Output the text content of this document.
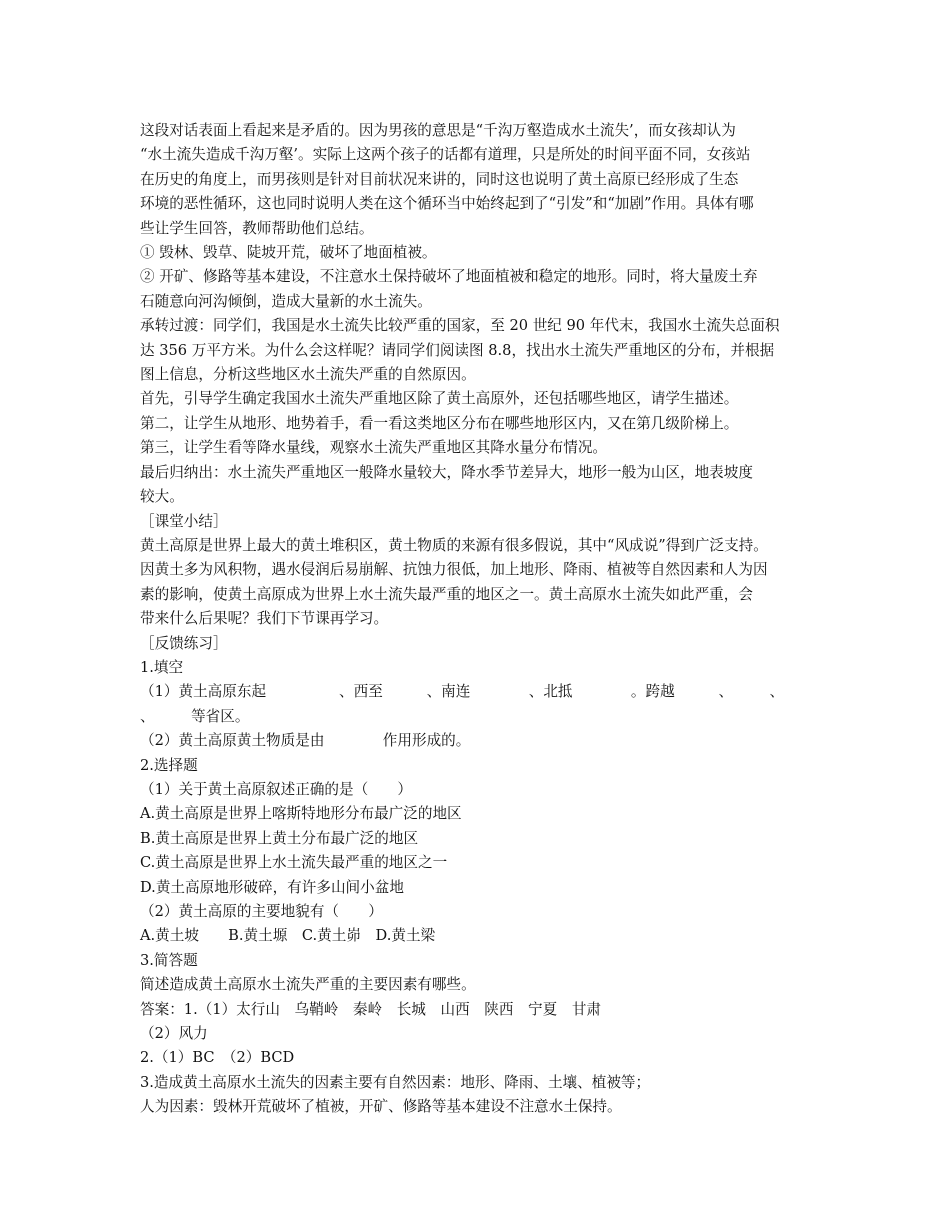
这段对话表面上看起来是矛盾的。因为男孩的意思是“千沟万壑造成水土流失’，而女孩却认为

“水土流失造成千沟万壑’。实际上这两个孩子的话都有道理，只是所处的时间平面不同，女孩站

在历史的角度上，而男孩则是针对目前状况来讲的，同时这也说明了黄土高原已经形成了生态

环境的恶性循环，这也同时说明人类在这个循环当中始终起到了“引发”和“加剧”作用。具体有哪

些让学生回答，教师帮助他们总结。

① 毁林、毁草、陡坡开荒，破坏了地面植被。

② 开矿、修路等基本建设，不注意水土保持破坏了地面植被和稳定的地形。同时，将大量废土弃

石随意向河沟倾倒，造成大量新的水土流失。

承转过渡：同学们，我国是水土流失比较严重的国家，至 20 世纪 90 年代末，我国水土流失总面积

达 356 万平方米。为什么会这样呢？请同学们阅读图 8.8，找出水土流失严重地区的分布，并根据

图上信息，分析这些地区水土流失严重的自然原因。

首先，引导学生确定我国水土流失严重地区除了黄土高原外，还包括哪些地区，请学生描述。

第二，让学生从地形、地势着手，看一看这类地区分布在哪些地形区内，又在第几级阶梯上。

第三，让学生看等降水量线，观察水土流失严重地区其降水量分布情况。

最后归纳出：水土流失严重地区一般降水量较大，降水季节差异大，地形一般为山区，地表坡度

较大。

［课堂小结］

黄土高原是世界上最大的黄土堆积区，黄土物质的来源有很多假说，其中“风成说”得到广泛支持。

因黄土多为风积物，遇水侵润后易崩解、抗蚀力很低，加上地形、降雨、植被等自然因素和人为因

素的影响，使黄土高原成为世界上水土流失最严重的地区之一。黄土高原水土流失如此严重，会

带来什么后果呢？我们下节课再学习。

［反馈练习］

1.填空

（1）黄土高原东起　　　　　、西至　　　、南连　　　　、北抵　　　　。跨越　　　、　　　、

、　　　等省区。

（2）黄土高原黄土物质是由　　　　作用形成的。

2.选择题

（1）关于黄土高原叙述正确的是（　　）

A.黄土高原是世界上喀斯特地形分布最广泛的地区

B.黄土高原是世界上黄土分布最广泛的地区

C.黄土高原是世界上水土流失最严重的地区之一

D.黄土高原地形破碎，有许多山间小盆地

（2）黄土高原的主要地貌有（　　）

A.黄土坡　　B.黄土塬　C.黄土峁　D.黄土梁

3.简答题

简述造成黄土高原水土流失严重的主要因素有哪些。

答案：1.（1）太行山　乌鞘岭　秦岭　长城　山西　陕西　宁夏　甘肃

（2）风力

2.（1）BC　（2）BCD

3.造成黄土高原水土流失的因素主要有自然因素：地形、降雨、土壤、植被等；

人为因素：毁林开荒破坏了植被，开矿、修路等基本建设不注意水土保持。
